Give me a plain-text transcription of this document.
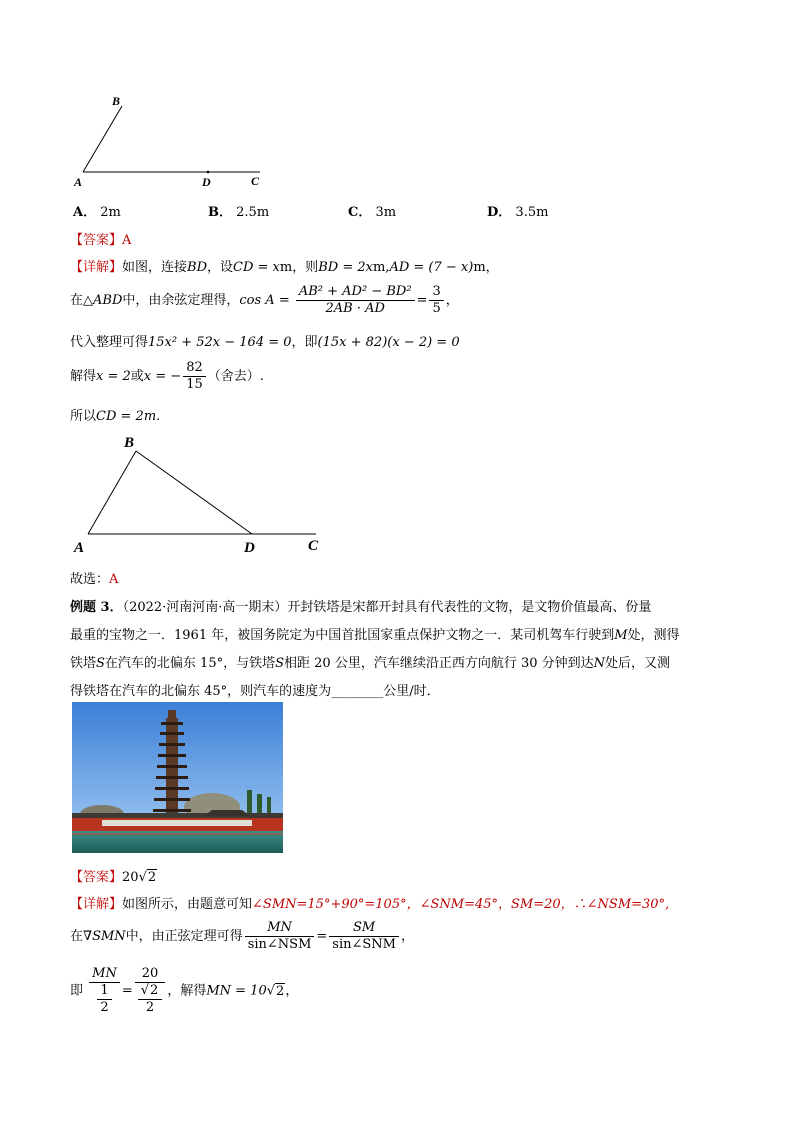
B
A	D	C
A． 2m	B． 2.5m	C． 3m	D． 3.5m
【答案】A
【详解】如图，连接BD，设CD = xm，则BD = 2xm,AD = (7 − x)m，
在△ABD中，由余弦定理得，$\cos A = \frac{\text{AB² + AD² − BD²}}{2AB \cdot AD} = \frac{3}{5}$ ，
代入整理可得15x² + 52x − 164 = 0，即(15x + 82)(x − 2) = 0
解得x = 2或x = − $\frac{82}{15}$ （舍去）.
所以CD = 2m.
B
A	D	C
故选：A
例题 3．（2022·河南河南·高一期末）开封铁塔是宋都开封具有代表性的文物，是文物价值最高、份量
最重的宝物之一．1961 年，被国务院定为中国首批国家重点保护文物之一．某司机驾车行驶到M处，测得
铁塔S在汽车的北偏东 15°，与铁塔S相距 20 公里，汽车继续沿正西方向航行 30 分钟到达N处后，又测
得铁塔在汽车的北偏东 45°，则汽车的速度为________公里/时．
【答案】20√2
【详解】如图所示，由题意可知∠SMN=15°+90°=105°，∠SNM=45°，SM=20，∴∠NSM=30°,
在∇SMN中，由正弦定理可得 $\frac{MN}{\text{sin∠NSM}} = \frac{SM}{\text{sin∠SNM}}$ ，
即 $\frac{MN}{\frac{1}{2}} = \frac{20}{\frac{√2}{2}}$ ，解得MN = 10√2，
